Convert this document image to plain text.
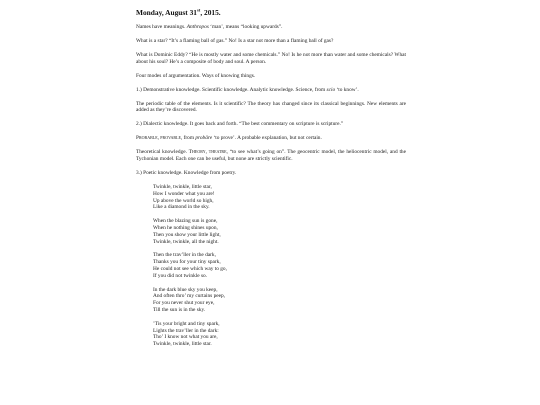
Monday, August 31st, 2015.

Names have meanings. Anthropos ‘man’, means “looking upwards”.

What is a star? “It’s a flaming ball of gas.” No! Is a star not more than a flaming ball of gas?

What is Dominic Eddy? “He is mostly water and some chemicals.” No! Is he not more than water and some chemicals? What about his soul? He’s a composite of body and soul. A person.

Four modes of argumentation. Ways of knowing things.

1.) Demonstrative knowledge. Scientific knowledge. Analytic knowledge. Science, from scio ‘to know’.

The periodic table of the elements. Is it scientific? The theory has changed since its classical beginnings. New elements are added as they’re discovered.

2.) Dialectic knowledge. It goes back and forth. “The best commentary on scripture is scripture.”

Probable, provable, from probâre ‘to prove’. A probable explanation, but not certain.

Theoretical knowledge. Theory, theatre, “to see what’s going on”. The geocentric model, the heliocentric model, and the Tychonian model. Each one can be useful, but none are strictly scientific.

3.) Poetic knowledge. Knowledge from poetry.

Twinkle, twinkle, little star,
How I wonder what you are!
Up above the world so high,
Like a diamond in the sky.
When the blazing sun is gone,
When he nothing shines upon,
Then you show your little light,
Twinkle, twinkle, all the night.
Then the trav’ller in the dark,
Thanks you for your tiny spark,
He could not see which way to go,
If you did not twinkle so.
In the dark blue sky you keep,
And often thro’ my curtains peep,
For you never shut your eye,
Till the sun is in the sky.
’Tis your bright and tiny spark,
Lights the trav’ller in the dark:
Tho’ I know not what you are,
Twinkle, twinkle, little star.
